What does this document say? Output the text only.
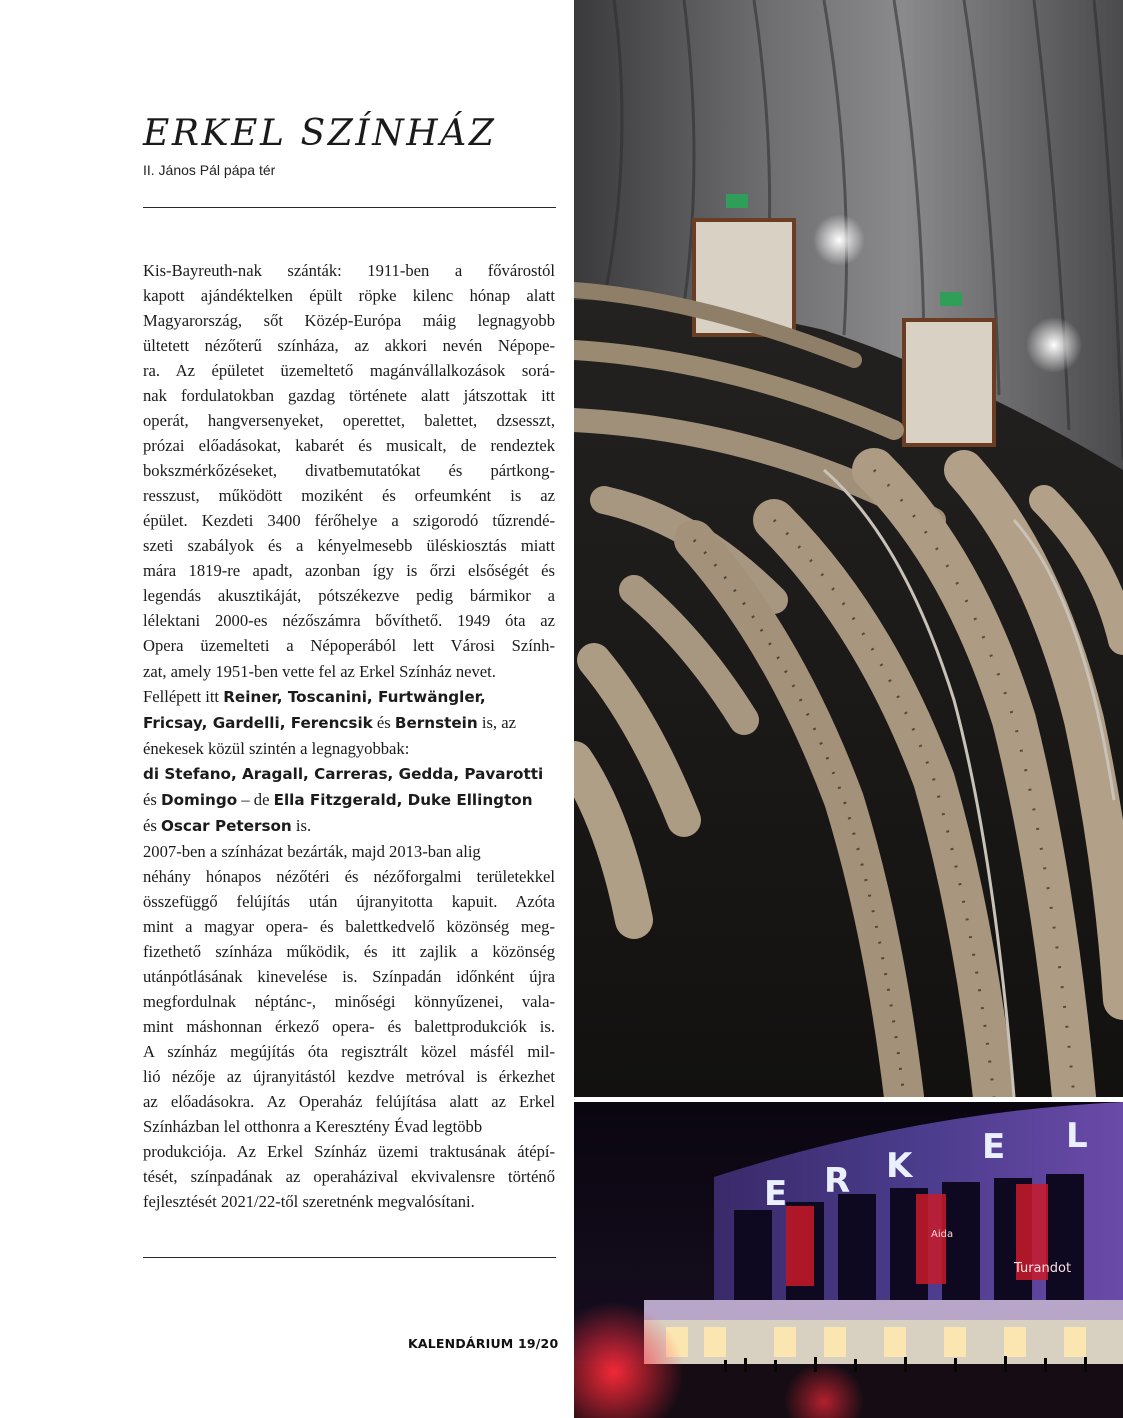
ERKEL SZÍNHÁZ
II. János Pál pápa tér
Kis-Bayreuth-nak szánták: 1911-ben a fővárostól
kapott ajándéktelken épült röpke kilenc hónap alatt
Magyarország, sőt Közép-Európa máig legnagyobb
ültetett nézőterű színháza, az akkori nevén Népope-
ra. Az épületet üzemeltető magánvállalkozások sorá-
nak fordulatokban gazdag története alatt játszottak itt
operát, hangversenyeket, operettet, balettet, dzsesszt,
prózai előadásokat, kabarét és musicalt, de rendeztek
bokszmérkőzéseket, divatbemutatókat és pártkong-
resszust, működött moziként és orfeumként is az
épület. Kezdeti 3400 férőhelye a szigorodó tűzrendé-
szeti szabályok és a kényelmesebb üléskiosztás miatt
mára 1819-re apadt, azonban így is őrzi elsőségét és
legendás akusztikáját, pótszékezve pedig bármikor a
lélektani 2000-es nézőszámra bővíthető. 1949 óta az
Opera üzemelteti a Népoperából lett Városi Szính-
zat, amely 1951-ben vette fel az Erkel Színház nevet.
Fellépett itt Reiner, Toscanini, Furtwängler,
Fricsay, Gardelli, Ferencsik és Bernstein is, az
énekesek közül szintén a legnagyobbak:
di Stefano, Aragall, Carreras, Gedda, Pavarotti
és Domingo – de Ella Fitzgerald, Duke Ellington
és Oscar Peterson is.
2007-ben a színházat bezárták, majd 2013-ban alig
néhány hónapos nézőtéri és nézőforgalmi területekkel
összefüggő felújítás után újranyitotta kapuit. Azóta
mint a magyar opera- és balettkedvelő közönség meg-
fizethető színháza működik, és itt zajlik a közönség
utánpótlásának kinevelése is. Színpadán időnként újra
megfordulnak néptánc-, minőségi könnyűzenei, vala-
mint máshonnan érkező opera- és balettprodukciók is.
A színház megújítás óta regisztrált közel másfél mil-
lió nézője az újranyitástól kezdve metróval is érkezhet
az előadásokra. Az Operaház felújítása alatt az Erkel
Színházban lel otthonra a Keresztény Évad legtöbb
produkciója. Az Erkel Színház üzemi traktusának átépí-
tését, színpadának az operaházival ekvivalensre történő
fejlesztését 2021/22-től szeretnénk megvalósítani.
KALENDÁRIUM 19/20
Aida
Turandot
E R K E L
